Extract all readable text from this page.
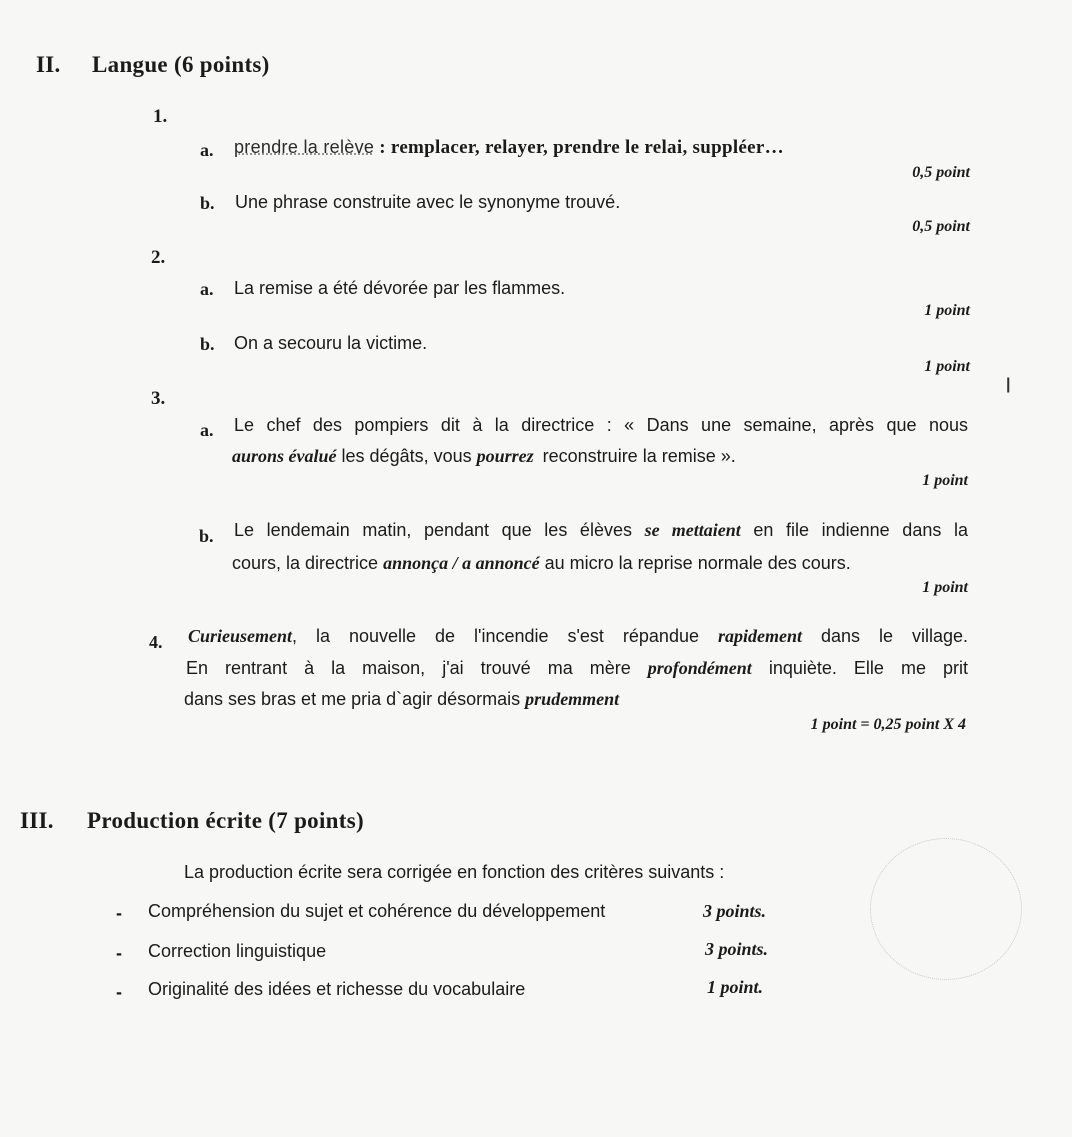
II. Langue (6 points)
1.
a. prendre la relève : remplacer, relayer, prendre le relai, suppléer…
0,5 point
b. Une phrase construite avec le synonyme trouvé.
0,5 point
2.
a. La remise a été dévorée par les flammes.
1 point
b. On a secouru la victime.
1 point
3.
a. Le chef des pompiers dit à la directrice : « Dans une semaine, après que nous
aurons évalué les dégâts, vous pourrez reconstruire la remise ».
1 point
b. Le lendemain matin, pendant que les élèves se mettaient en file indienne dans la
cours, la directrice annonça / a annoncé au micro la reprise normale des cours.
1 point
4. Curieusement, la nouvelle de l'incendie s'est répandue rapidement dans le village.
En rentrant à la maison, j'ai trouvé ma mère profondément inquiète. Elle me prit
dans ses bras et me pria d`agir désormais prudemment
1 point = 0,25 point X 4
III. Production écrite (7 points)
La production écrite sera corrigée en fonction des critères suivants :
- Compréhension du sujet et cohérence du développement	3 points.
- Correction linguistique	3 points.
- Originalité des idées et richesse du vocabulaire	1 point.
|
